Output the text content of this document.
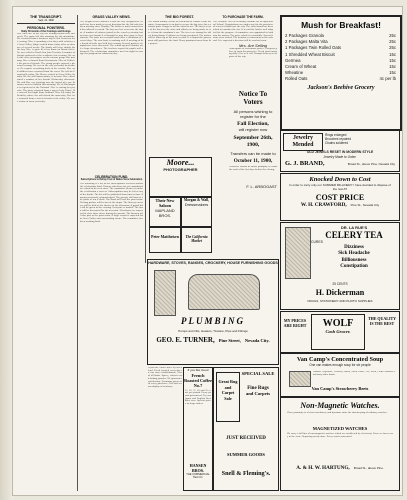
THE TRANSCRIPT.
Sept. 21, 1900
PERSONAL POINTERS.
Daily Chronicle of the Comings and Goings
Mrs. and Mrs. of the city are visiting friends here this week. The party left this morning for the mountains. Mr. returned from a business trip to San Francisco last evening. Miss is spending a few days with relatives at Grass Valley. Judge arrived home today after an absence of several weeks. The family will leave shortly for the bay. Mrs. is quite ill at her home on Broad street. Dr. was called to North San Juan Tuesday. A number of friends gathered at the residence last evening. Mr. and wife were passengers on the narrow gauge this morning. Mrs. returned from Sacramento. Miss of Colfax is the guest of friends. The young people enjoyed a pleasant evening. Mr. was in the city yesterday on business. He reports everything lively in his section. Mrs. and children have returned from the coast. Mr. left for Downieville today. The Misses visited in Grass Valley Sunday. Mr. the well known miner, is in town. Mrs. entertained a number of her friends Wednesday afternoon. Mr. and Mrs. are rejoicing over the arrival of a son. Attorney went to Auburn this morning. Mr. of Washington is registered at the National. Mrs. is visiting her parents. The party returned from a trip to Lake Tahoe. Mr. arrived last night from Oakland. Miss left today for Berkeley where she will attend the university. Mrs. has returned from a visit to friends in the valley. Mr. was a visitor in town yesterday.
GRASS VALLEY NEWS.
The Weight of the Evidence is that the Boy Disappeared. Search has been made in every direction for the lad who has been missing since Monday. The father is much worried and has offered a reward. The boy was last seen near the depot. A number of citizens joined in the search yesterday but no trace was found. It is thought he may have gone to Sacramento. The mine has resumed work after a shutdown of several days. The new hoist is working well. A meeting of the board of trade was held last evening. Several matters of importance were discussed. The school opened Monday with a large attendance. The teachers report the pupils well advanced. The celebration committee met last night to arrange the program for admission day.
CELEBRATION FUND.
Subscriptions to Defray Cost of Native Sons Celebration
The following is a list of the subscriptions received toward the celebration fund. Citizens who have not yet contributed are asked to do so at once. The committee desires to make the celebration a success. Subscriptions may be left at any of the banks. The list will be published from time to time. Amount previously acknowledged. The parade will form at the plaza at ten o'clock. The band will lead the procession. Visiting parlors will be met at the depot. The literary exercises will be held at the theater in the afternoon. A grand ball will be given in the evening. Everyone is invited. The town will be decorated for the occasion. Merchants are requested to close their stores during the parade. The firemen will take part in the procession. A large crowd is expected from Grass Valley and surrounding towns. The committee has been working hard.
THE BIG FOREST.
The Storm Sunday Means an Extension of Timber From Yosemite. A movement is on foot to secure the big trees for a national park. Congress will be asked to act. The forest is one of the finest in the state and efforts are being made to save it from the woodman's axe. The trees are among the oldest living things. Petitions are being circulated. The matter will be taken up at the next session. It is hoped the government will purchase the land. Many prominent men favor the project.
TO PURCHASE THE FARM.
The National Tiles in Securing Grounds for an Agricultural School. Negotiations are under way for the purchase of a tract of land near the city. The state board has been asked to consider the site. It is said the land is well adapted for the purpose. A committee was appointed to look into the matter. The price asked is reasonable. Several farms were visited. The location is convenient to the railroad. It is expected a decision will be reached soon.
Moore...
PHOTOGRAPHER
Their New Saloon
MAPLAND BROS.
Morgan & Wall,
Dressmakers
Peter Mattheisen	The California Market
Mrs. Are Selling
Good goods at reasonable prices. Cheapest place in town for groceries. Fresh stock arriving daily. Give us a call. Prompt delivery to all parts of the city.
Notice To Voters
All persons wishing to
register for the
Fall Election,
will register now
September 26th, 1900,
Transfers can be made to
October 11, 1900,
Transfers should be made promptly to avoid the rush of the last days before the closing.
F. L. ARBOGAST
Mush for Breakfast!
2 Packages Granola	25c
2 Packages Malta Vita	25c
1 Packages Twin Rolled Oats	25c
1 Shredded Wheat Biscuit	15c
Germea	15c
Cream of Wheat	15c
Wheatine	15c
Rolled Oats	4c per lb
Jackson's Beehive Grocery
Jewelry
Mended
Rings enlarged
Brooches repaired
Chains soldered
OLD JEWELS RESET IN MODERN STYLE
Jewelry Made to Order.
G. J. BRAND,	Broad St., above Pine, Nevada City
Knocked Down to Cost
In order to carry only our SUMMER MILLINERY I have decided to dispose of the rest AT
COST PRICE
W. H. CRAWFORD, Pine St., Nevada City
DR. LA RUE'S
CELERY TEA
CURES
Dizziness
Sick Headache
Billiousness
Constipation
25 CENTS
H. Dickerman
DRUGS, STATIONERY AND PHOTO SUPPLIES
HARDWARE, STOVES, RANGES, CROCKERY, HOUSE FURNISHING GOODS
PLUMBING
Pumps and Oils, Heaters, Tinware, Pipe and Fittings
GEO. E. TURNER, Pine Street, Nevada City.
If you like Good Coffee try our blend. Fresh roasted every day in our own establishment. Teas of all kinds. Spices, extracts and baking powder. We guarantee satisfaction. Premiums given with every purchase. Call and see our display of crockery.
If you like Good
French Roasted Coffee No.7
25, 30, 35, 40 and 50 cents per pound. Every pound guaranteed. Try our Japan and English Breakfast teas. Special prices on large orders.
HANSEN BROS.
THE COMMERCIAL TEA CO.
Great Rug
and
Carpet
Sale
SPECIAL SALE
Fine Rugs
and Carpets
JUST RECEIVED
SUMMER GOODS
Snell & Fleming's.
MY PRICES ARE RIGHT	WOLF
Cash Grocer.
THE QUALITY IS THE BEST
Van Camp's Concentrated Soup
One can makes enough soup for six people
Tomato, Vegetable, Chicken, Oxtail, Mock Turtle, Pea, Bean, Clam Chowder and many other kinds.
Van Camp's Strawberry Beets
Non-Magnetic Watches.
Close proximity to electric machinery and dynamos ruins the timekeeping of ordinary watches.
MAGNETIZED WATCHES
We carry a full line of non-magnetic watches which are unaffected by electricity. Prices as low as any in the state. Repairing neatly done. Every watch warranted.
A. & H. W. HARTUNG, Broad St., above Pine.
